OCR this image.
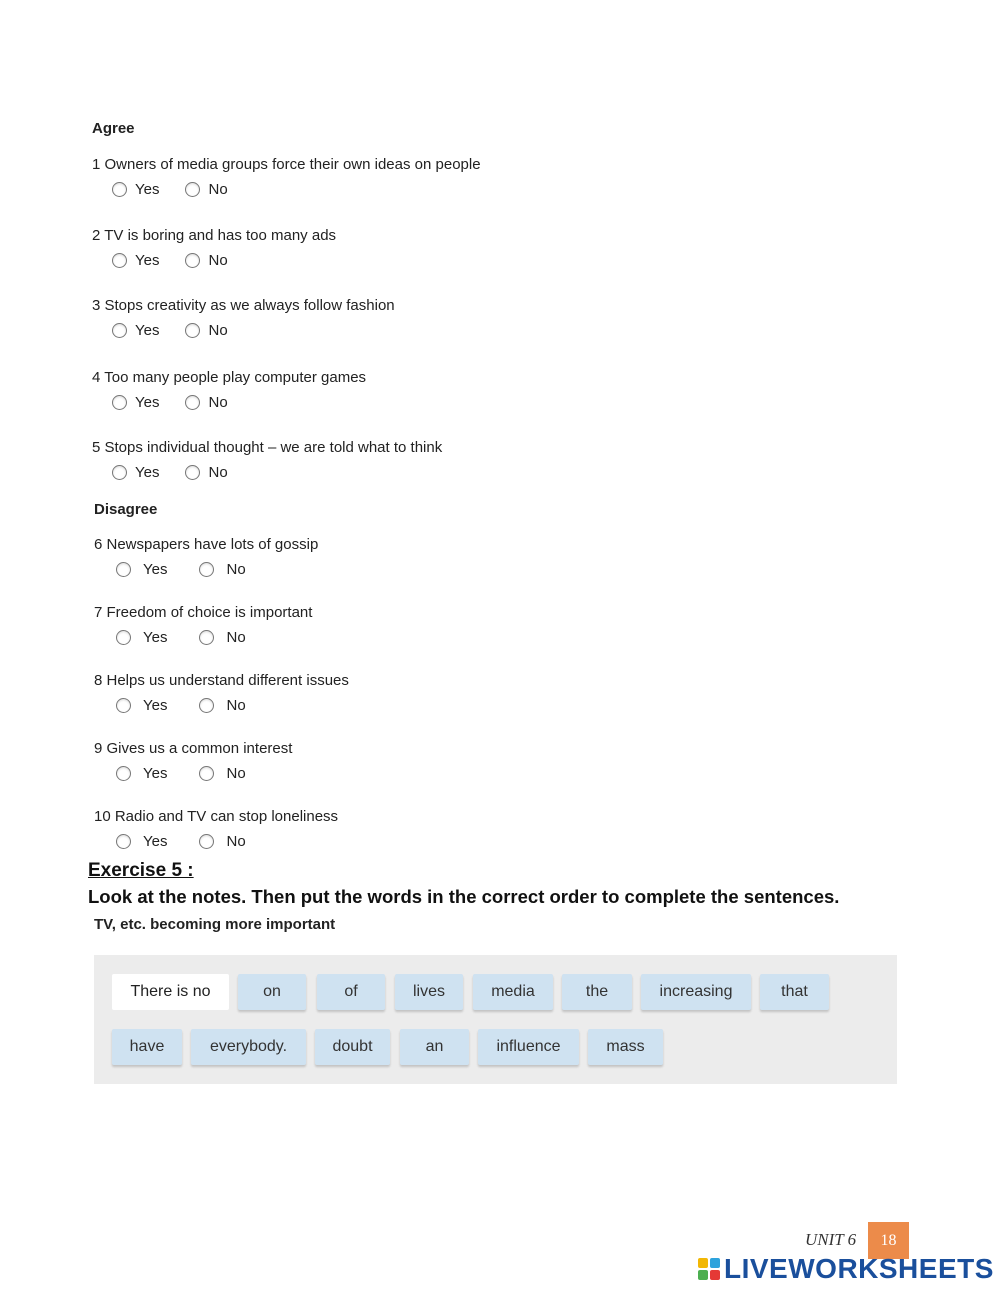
Agree
1 Owners of media groups force their own ideas on people
Yes	No
2 TV is boring and has too many ads
Yes	No
3 Stops creativity as we always follow fashion
Yes	No
4 Too many people play computer games
Yes	No
5 Stops individual thought – we are told what to think
Yes	No
Disagree
6 Newspapers have lots of gossip
Yes	No
7 Freedom of choice is important
Yes	No
8 Helps us understand different issues
Yes	No
9 Gives us a common interest
Yes	No
10 Radio and TV can stop loneliness
Yes	No
Exercise 5 :
Look at the notes. Then put the words in the correct order to complete the sentences.
TV, etc. becoming more important
There is no	on	of	lives	media	the	increasing	that
have	everybody.	doubt	an	influence	mass
UNIT 6	18
LIVEWORKSHEETS
